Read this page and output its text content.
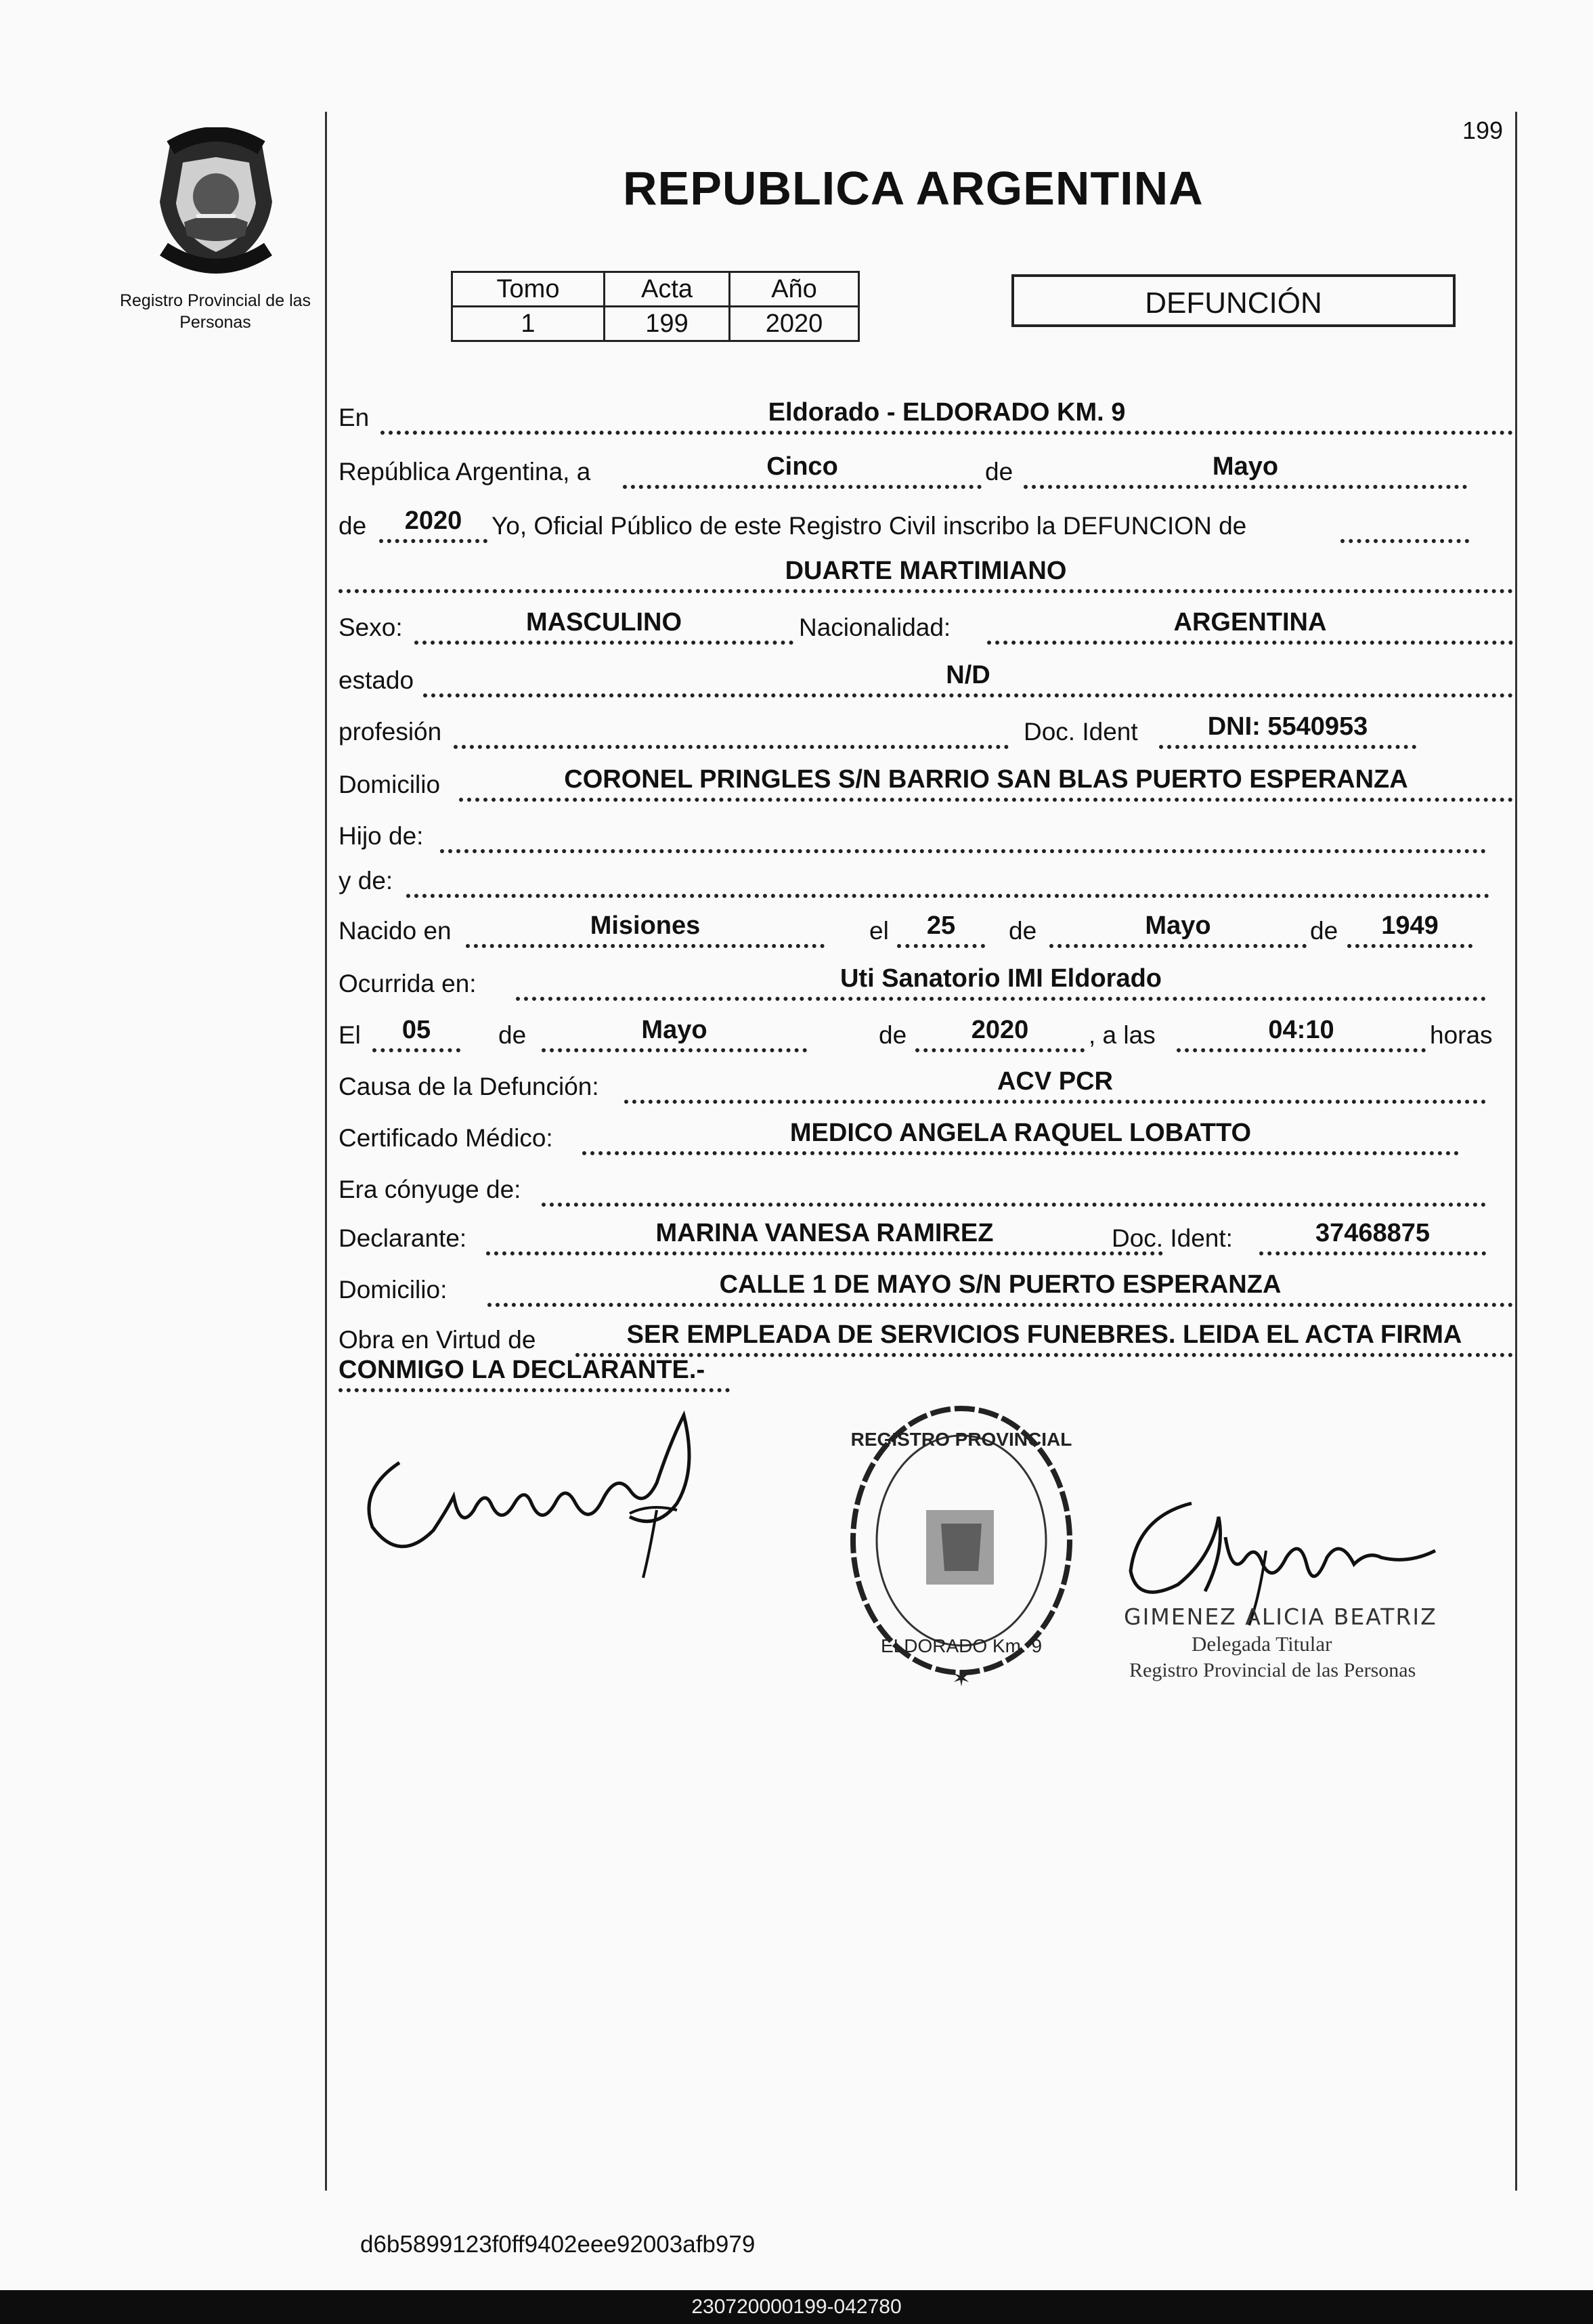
199
Registro Provincial de las Personas
REPUBLICA ARGENTINA
Tomo	Acta	Año
1	199	2020
DEFUNCIÓN
En	Eldorado - ELDORADO KM. 9
República Argentina, a	Cinco	de	Mayo
de	2020	Yo, Oficial Público de este Registro Civil inscribo la DEFUNCION de
DUARTE MARTIMIANO
Sexo:	MASCULINO	Nacionalidad:	ARGENTINA
estado	N/D
profesión	Doc. Ident	DNI: 5540953
Domicilio	CORONEL PRINGLES S/N BARRIO SAN BLAS PUERTO ESPERANZA
Hijo de:
y de:
Nacido en	Misiones	el	25	de	Mayo	de	1949
Ocurrida en:	Uti Sanatorio IMI Eldorado
El	05	de	Mayo	de	2020	, a las	04:10	horas
Causa de la Defunción:	ACV PCR
Certificado Médico:	MEDICO ANGELA RAQUEL LOBATTO
Era cónyuge de:
Declarante:	MARINA VANESA RAMIREZ	Doc. Ident:	37468875
Domicilio:	CALLE 1 DE MAYO S/N PUERTO ESPERANZA
Obra en Virtud de	SER EMPLEADA DE SERVICIOS FUNEBRES. LEIDA EL ACTA FIRMA
CONMIGO LA DECLARANTE.-
REGISTRO PROVINCIAL
ELDORADO Km. 9
✶
GIMENEZ ALICIA BEATRIZ
Delegada Titular
Registro Provincial de las Personas
d6b5899123f0ff9402eee92003afb979
230720000199-042780
